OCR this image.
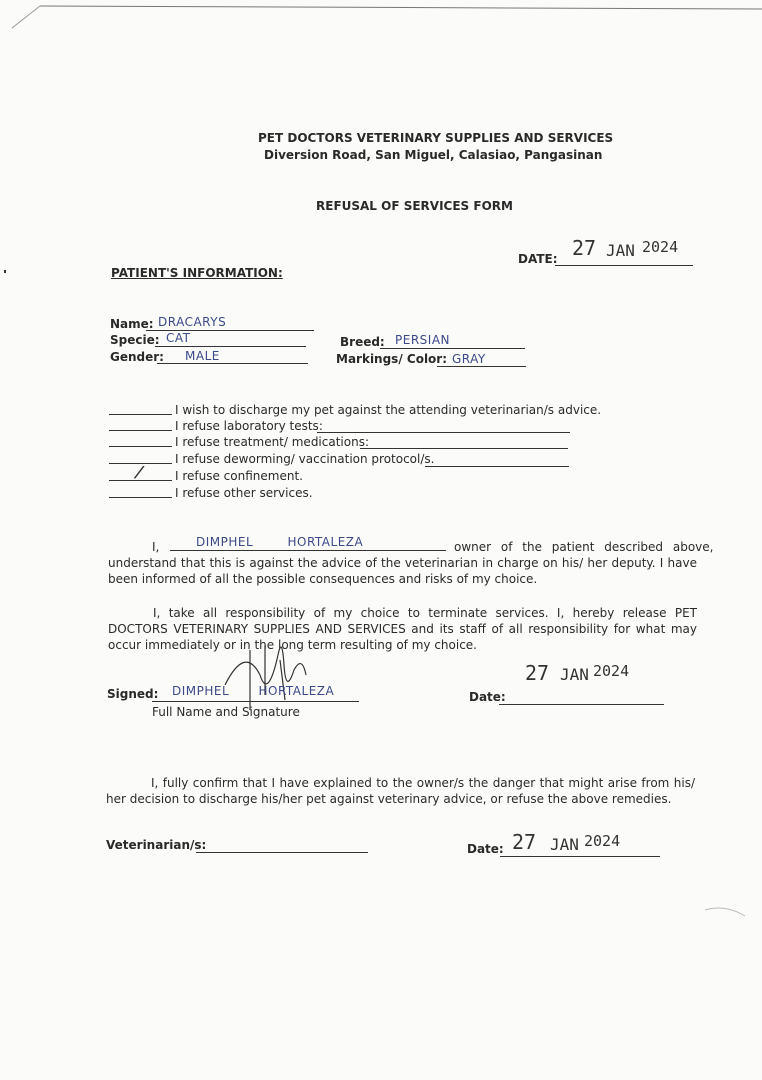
PET DOCTORS VETERINARY SUPPLIES AND SERVICES
Diversion Road, San Miguel, Calasiao, Pangasinan
REFUSAL OF SERVICES FORM
DATE: 27 JAN 2024
PATIENT'S INFORMATION:
Name: DRACARYS
Specie: CAT
Gender: MALE
Breed: PERSIAN
Markings/ Color: GRAY
I wish to discharge my pet against the attending veterinarian/s advice.
I refuse laboratory tests:
I refuse treatment/ medications:
I refuse deworming/ vaccination protocol/s.
/ I refuse confinement.
I refuse other services.
I,	DIMPHEL HORTALEZA	owner of the patient described above,
understand that this is against the advice of the veterinarian in charge on his/ her deputy. I have been informed of all the possible consequences and risks of my choice.
I, take all responsibility of my choice to terminate services. I, hereby release PET DOCTORS VETERINARY SUPPLIES AND SERVICES and its staff of all responsibility for what may occur immediately or in the long term resulting of my choice.
Signed: DIMPHEL HORTALEZA
Full Name and Signature
Date:
27 JAN 2024
I, fully confirm that I have explained to the owner/s the danger that might arise from his/ her decision to discharge his/her pet against veterinary advice, or refuse the above remedies.
Veterinarian/s:	Date: 27 JAN 2024
